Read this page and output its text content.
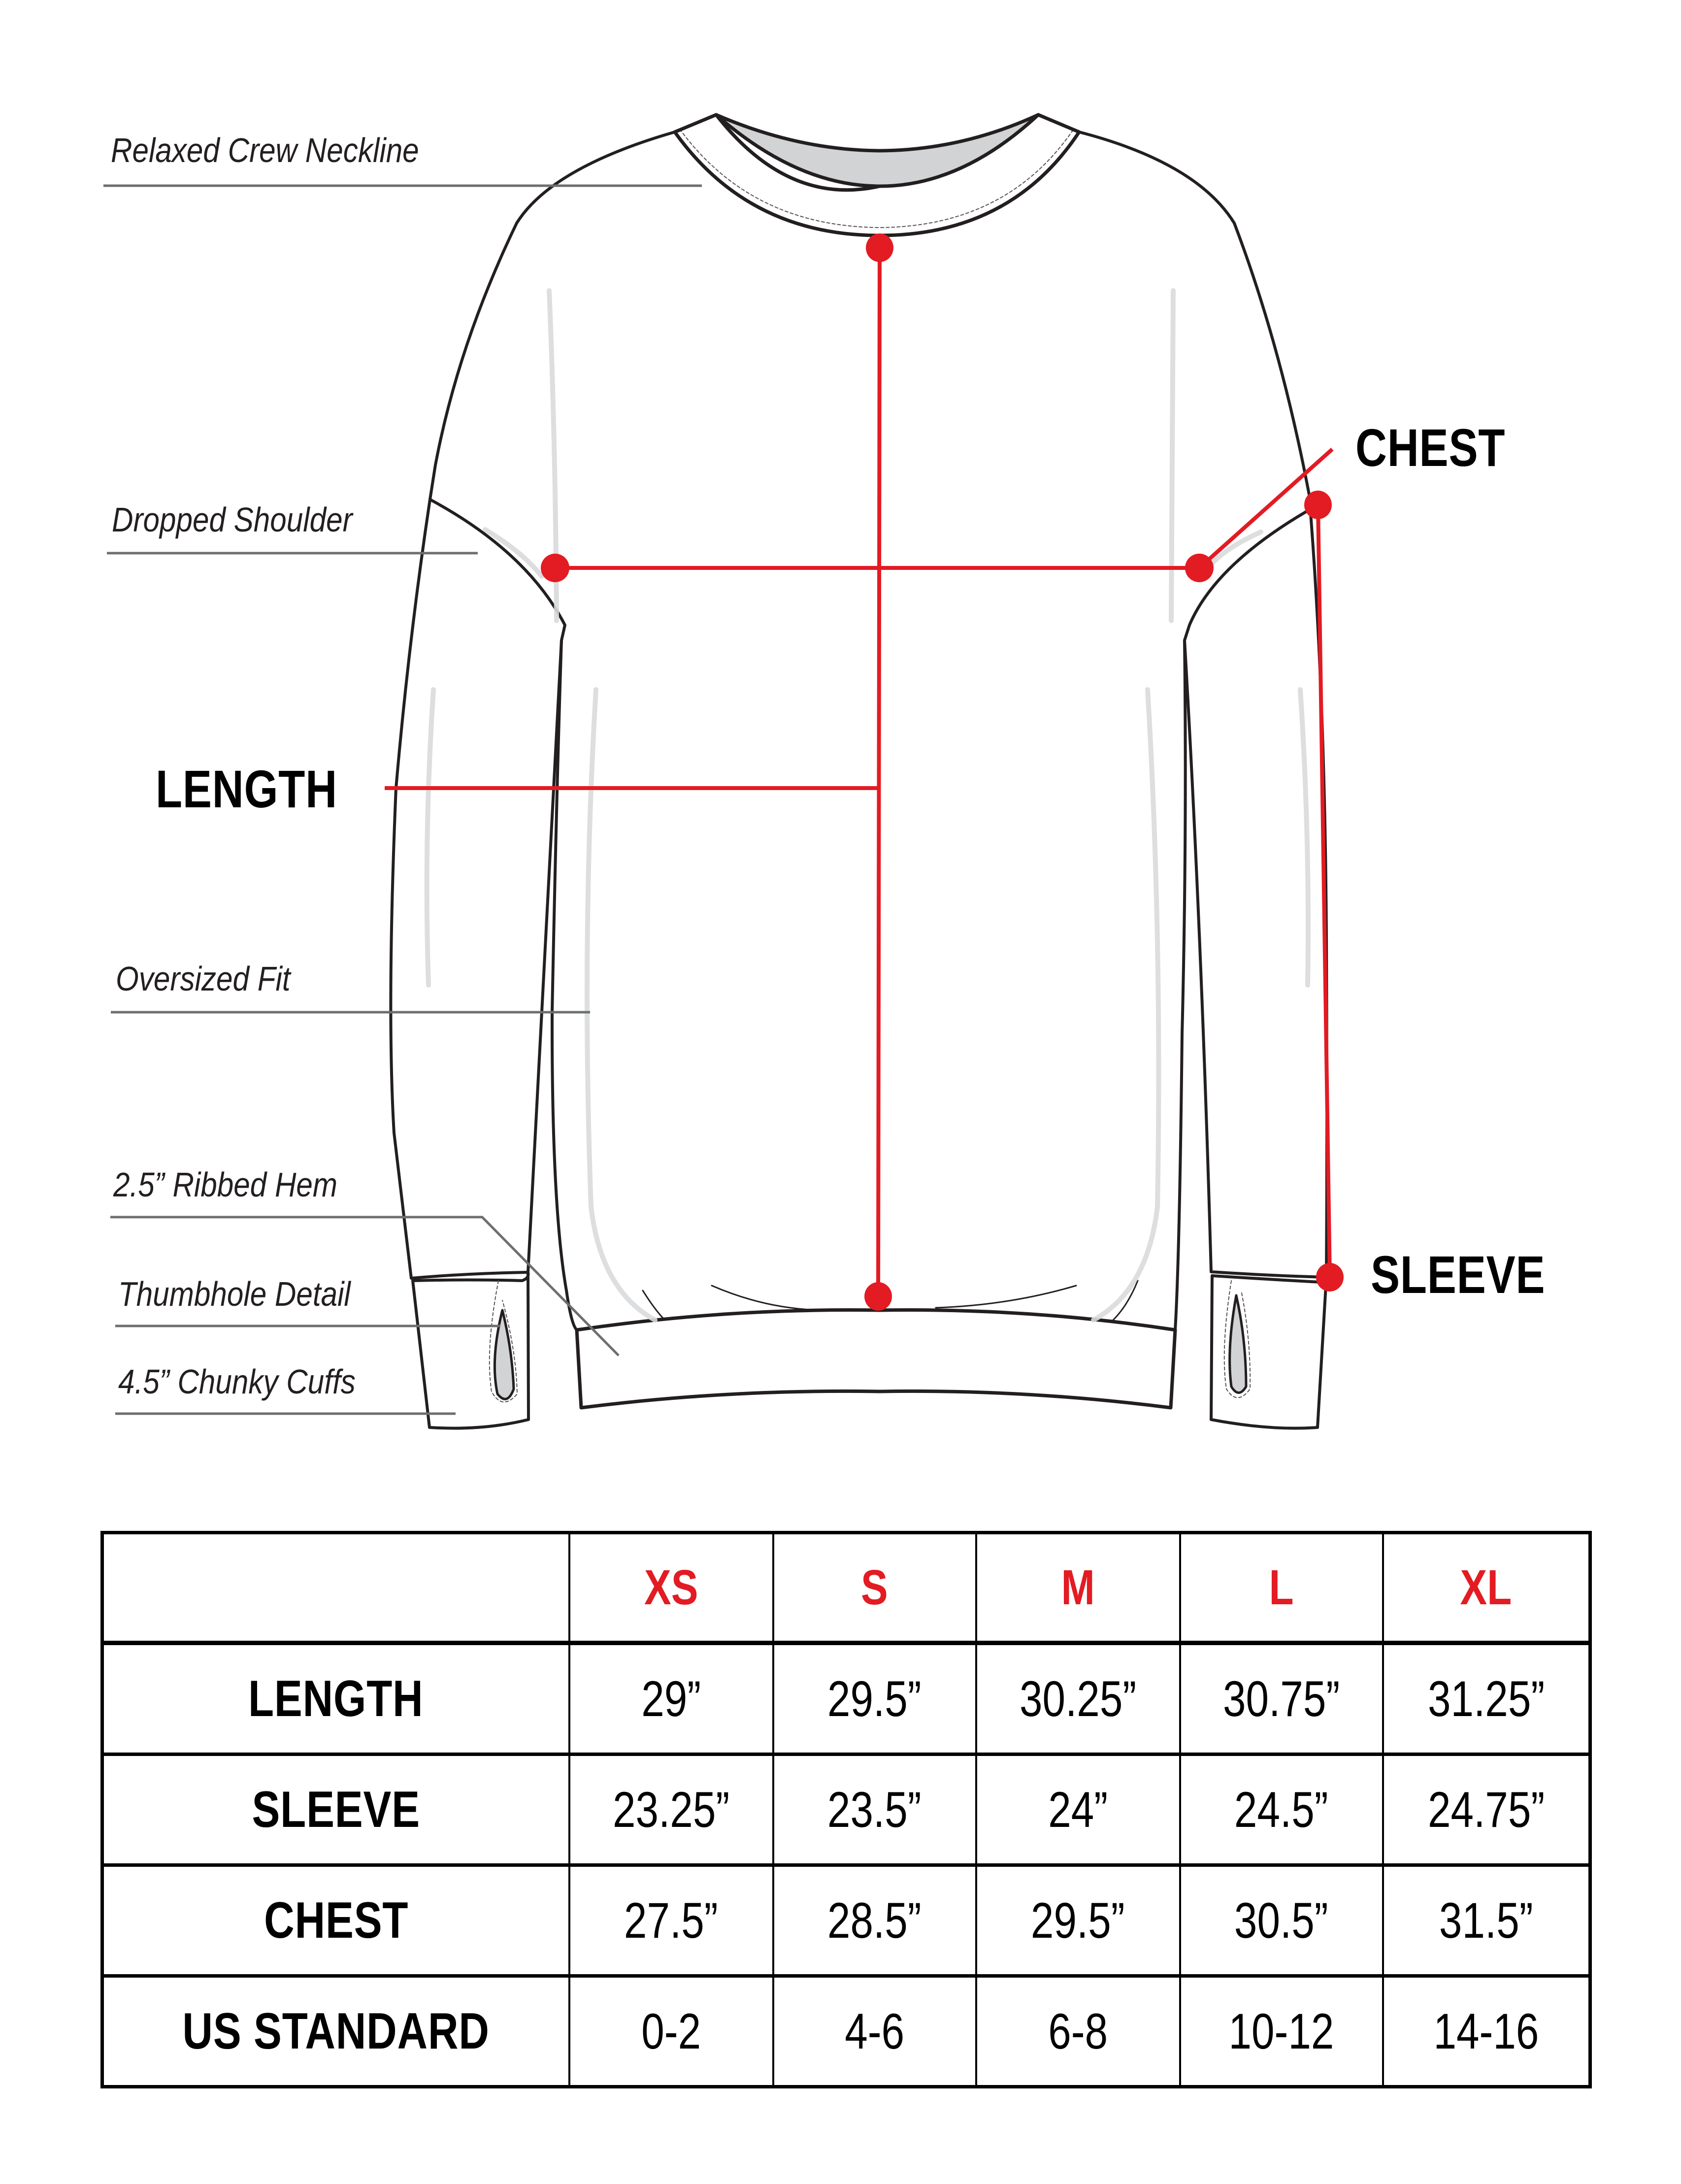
Relaxed Crew Neckline
Dropped Shoulder
Oversized Fit
2.5” Ribbed Hem
Thumbhole Detail
4.5” Chunky Cuffs
LENGTH
CHEST
SLEEVE
	XS	S	M	L	XL
LENGTH	29”	29.5”	30.25”	30.75”	31.25”
SLEEVE	23.25”	23.5”	24”	24.5”	24.75”
CHEST	27.5”	28.5”	29.5”	30.5”	31.5”
US STANDARD	0-2	4-6	6-8	10-12	14-16
